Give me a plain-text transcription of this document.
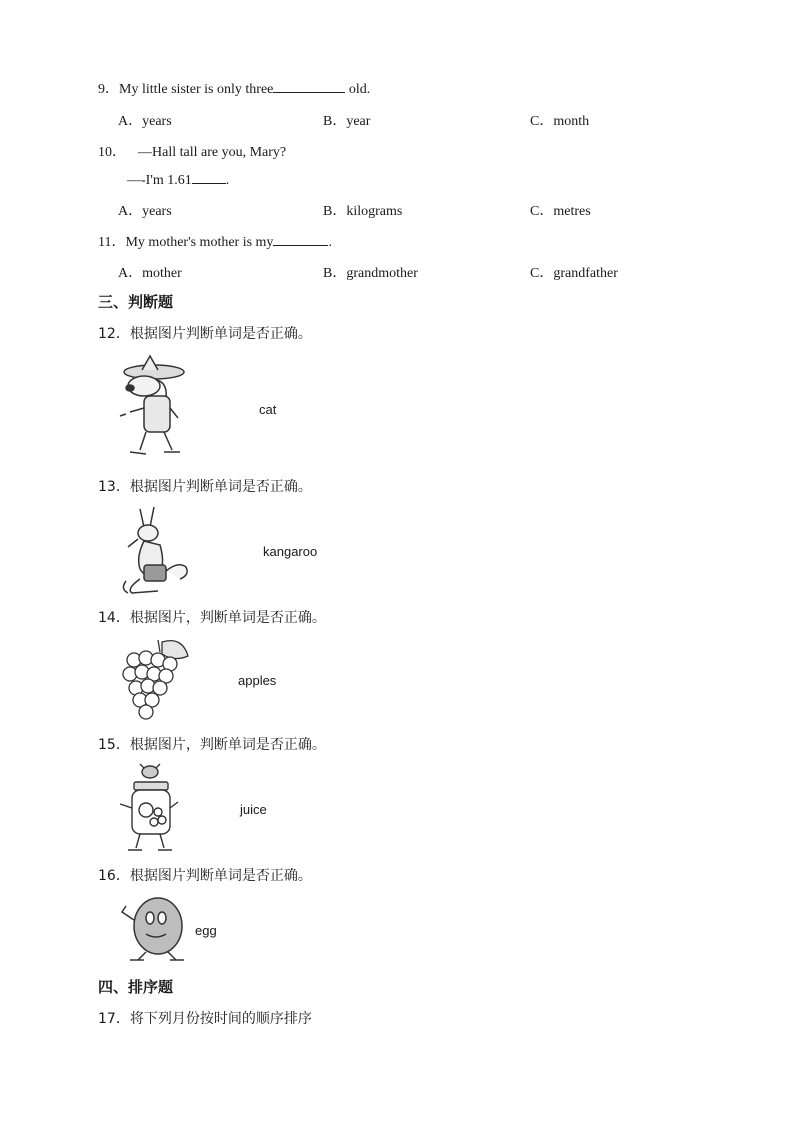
9．My little sister is only three	old.
A．years	B．year	C．month
10． —Hall tall are you, Mary?
—-I'm 1.61 .
A．years	B．kilograms	C．metres
11．My mother's mother is my	.
A．mother	B．grandmother	C．grandfather
三、判断题
12．根据图片判断单词是否正确。
cat
13．根据图片判断单词是否正确。
kangaroo
14．根据图片，判断单词是否正确。
apples
15．根据图片，判断单词是否正确。
juice
16．根据图片判断单词是否正确。
egg
四、排序题
17．将下列月份按时间的顺序排序
